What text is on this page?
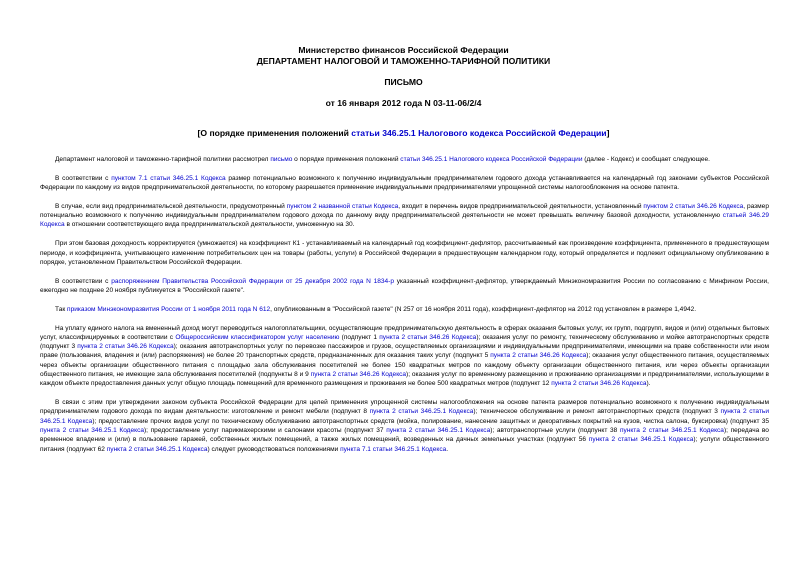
Министерство финансов Российской Федерации
ДЕПАРТАМЕНТ НАЛОГОВОЙ И ТАМОЖЕННО-ТАРИФНОЙ ПОЛИТИКИ
ПИСЬМО
от 16 января 2012 года N 03-11-06/2/4
[О порядке применения положений статьи 346.25.1 Налогового кодекса Российской Федерации]

Департамент налоговой и таможенно-тарифной политики рассмотрел письмо о порядке применения положений статьи 346.25.1 Налогового кодекса Российской Федерации (далее - Кодекс) и сообщает следующее.

В соответствии с пунктом 7.1 статьи 346.25.1 Кодекса размер потенциально возможного к получению индивидуальным предпринимателем годового дохода устанавливается на календарный год законами субъектов Российской Федерации по каждому из видов предпринимательской деятельности, по которому разрешается применение индивидуальными предпринимателями упрощенной системы налогообложения на основе патента.

В случае, если вид предпринимательской деятельности, предусмотренный пунктом 2 названной статьи Кодекса, входит в перечень видов предпринимательской деятельности, установленный пунктом 2 статьи 346.26 Кодекса, размер потенциально возможного к получению индивидуальным предпринимателем годового дохода по данному виду предпринимательской деятельности не может превышать величину базовой доходности, установленную статьей 346.29 Кодекса в отношении соответствующего вида предпринимательской деятельности, умноженную на 30.

При этом базовая доходность корректируется (умножается) на коэффициент К1 - устанавливаемый на календарный год коэффициент-дефлятор, рассчитываемый как произведение коэффициента, примененного в предшествующем периоде, и коэффициента, учитывающего изменение потребительских цен на товары (работы, услуги) в Российской Федерации в предшествующем календарном году, который определяется и подлежит официальному опубликованию в порядке, установленном Правительством Российской Федерации.

В соответствии с распоряжением Правительства Российской Федерации от 25 декабря 2002 года N 1834-р указанный коэффициент-дефлятор, утверждаемый Минэкономразвития России по согласованию с Минфином России, ежегодно не позднее 20 ноября публикуется в "Российской газете".

Так приказом Минэкономразвития России от 1 ноября 2011 года N 612, опубликованным в "Российской газете" (N 257 от 16 ноября 2011 года), коэффициент-дефлятор на 2012 год установлен в размере 1,4942.

На уплату единого налога на вмененный доход могут переводиться налогоплательщики, осуществляющие предпринимательскую деятельность в сферах оказания бытовых услуг, их групп, подгрупп, видов и (или) отдельных бытовых услуг, классифицируемых в соответствии с Общероссийским классификатором услуг населению (подпункт 1 пункта 2 статьи 346.26 Кодекса); оказания услуг по ремонту, техническому обслуживанию и мойке автотранспортных средств (подпункт 3 пункта 2 статьи 346.26 Кодекса); оказания автотранспортных услуг по перевозке пассажиров и грузов, осуществляемых организациями и индивидуальными предпринимателями, имеющими на праве собственности или ином праве (пользования, владения и (или) распоряжения) не более 20 транспортных средств, предназначенных для оказания таких услуг (подпункт 5 пункта 2 статьи 346.26 Кодекса); оказания услуг общественного питания, осуществляемых через объекты организации общественного питания с площадью зала обслуживания посетителей не более 150 квадратных метров по каждому объекту организации общественного питания, или через объекты организации общественного питания, не имеющие зала обслуживания посетителей (подпункты 8 и 9 пункта 2 статьи 346.26 Кодекса); оказания услуг по временному размещению и проживанию организациями и предпринимателями, использующими в каждом объекте предоставления данных услуг общую площадь помещений для временного размещения и проживания не более 500 квадратных метров (подпункт 12 пункта 2 статьи 346.26 Кодекса).

В связи с этим при утверждении законом субъекта Российской Федерации для целей применения упрощенной системы налогообложения на основе патента размеров потенциально возможного к получению индивидуальным предпринимателем годового дохода по видам деятельности: изготовление и ремонт мебели (подпункт 8 пункта 2 статьи 346.25.1 Кодекса); техническое обслуживание и ремонт автотранспортных средств (подпункт 3 пункта 2 статьи 346.25.1 Кодекса); предоставление прочих видов услуг по техническому обслуживанию автотранспортных средств (мойка, полирование, нанесение защитных и декоративных покрытий на кузов, чистка салона, буксировка) (подпункт 35 пункта 2 статьи 346.25.1 Кодекса); предоставление услуг парикмахерскими и салонами красоты (подпункт 37 пункта 2 статьи 346.25.1 Кодекса); автотранспортные услуги (подпункт 38 пункта 2 статьи 346.25.1 Кодекса); передача во временное владение и (или) в пользование гаражей, собственных жилых помещений, а также жилых помещений, возведенных на дачных земельных участках (подпункт 56 пункта 2 статьи 346.25.1 Кодекса); услуги общественного питания (подпункт 62 пункта 2 статьи 346.25.1 Кодекса) следует руководствоваться положениями пункта 7.1 статьи 346.25.1 Кодекса.
